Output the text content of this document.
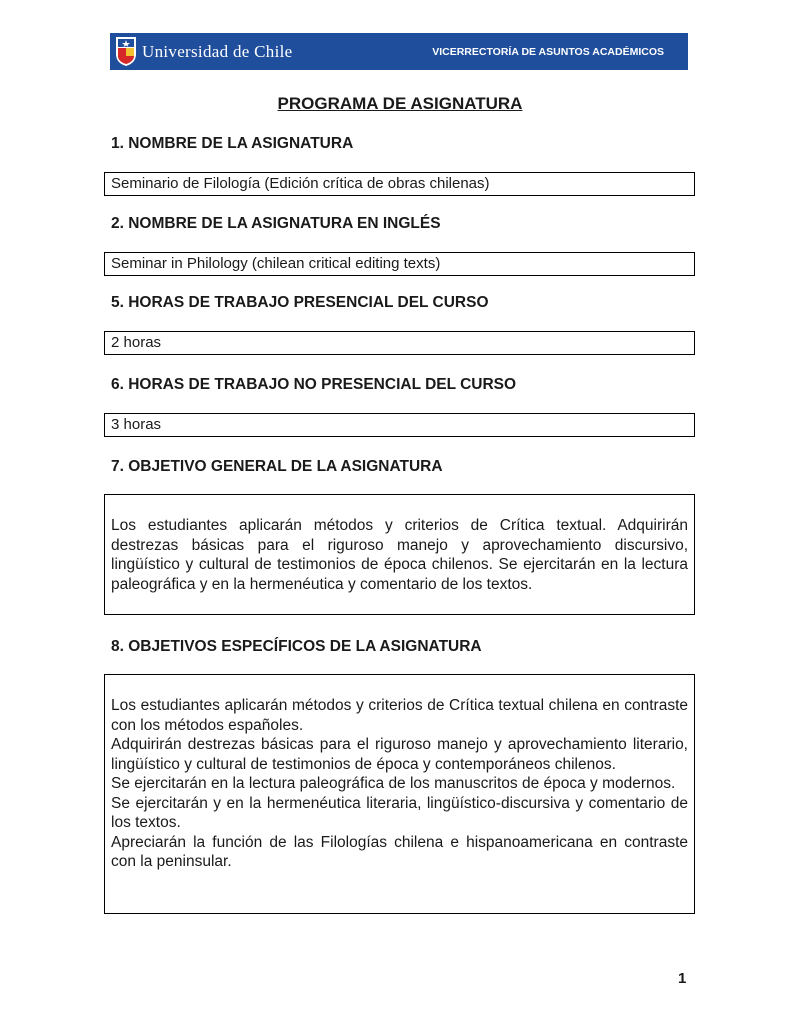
Universidad de Chile	VICERRECTORÍA DE ASUNTOS ACADÉMICOS
PROGRAMA DE ASIGNATURA
1. NOMBRE DE LA ASIGNATURA
Seminario de Filología (Edición crítica de obras chilenas)
2. NOMBRE DE LA ASIGNATURA EN INGLÉS
Seminar in Philology (chilean critical editing texts)
5. HORAS DE TRABAJO PRESENCIAL DEL CURSO
2 horas
6. HORAS DE TRABAJO NO PRESENCIAL DEL CURSO
3 horas
7. OBJETIVO GENERAL DE LA ASIGNATURA

Los estudiantes aplicarán métodos y criterios de Crítica textual. Adquirirán destrezas básicas para el riguroso manejo y aprovechamiento discursivo, lingüístico y cultural de testimonios de época chilenos. Se ejercitarán en la lectura paleográfica y en la hermenéutica y comentario de los textos.

8. OBJETIVOS ESPECÍFICOS DE LA ASIGNATURA

Los estudiantes aplicarán métodos y criterios de Crítica textual chilena en contraste con los métodos españoles.

Adquirirán destrezas básicas para el riguroso manejo y aprovechamiento literario, lingüístico y cultural de testimonios de época y contemporáneos chilenos.

Se ejercitarán en la lectura paleográfica de los manuscritos de época y modernos.

Se ejercitarán y en la hermenéutica literaria, lingüístico-discursiva y comentario de los textos.

Apreciarán la función de las Filologías chilena e hispanoamericana en contraste con la peninsular.

1
